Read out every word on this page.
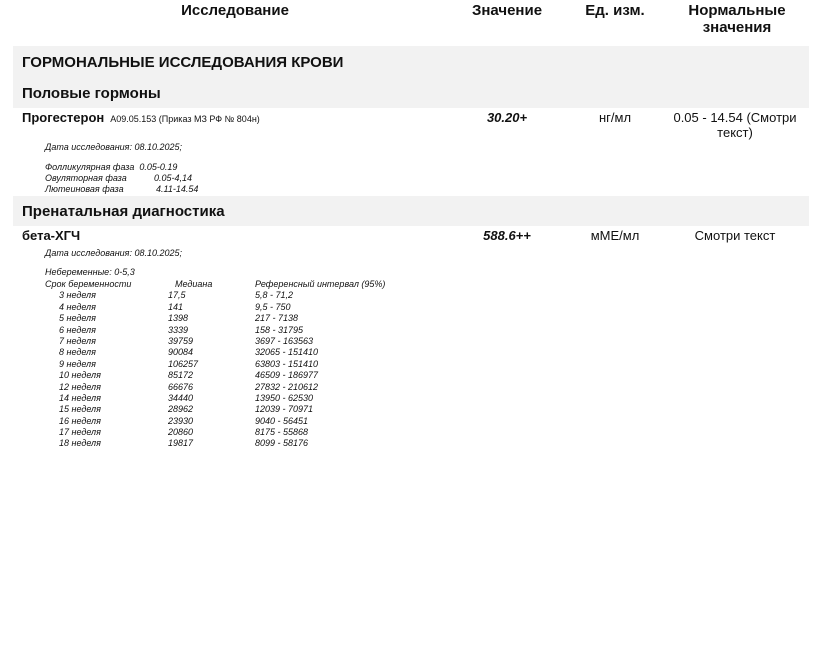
Исследование	Значение	Ед. изм.	Нормальные значения
ГОРМОНАЛЬНЫЕ ИССЛЕДОВАНИЯ КРОВИ
Половые гормоны
Прогестерон A09.05.153 (Приказ МЗ РФ № 804н)	30.20+	нг/мл	0.05 - 14.54 (Смотри текст)
Дата исследования: 08.10.2025;
Фолликулярная фаза 0.05-0.19
Овуляторная фаза	0.05-4,14
Лютеиновая фаза	4.11-14.54
Пренатальная диагностика
бета-ХГЧ	588.6++	мМЕ/мл	Смотри текст
Дата исследования: 08.10.2025;
Небеременные: 0-5,3
Срок беременности	Медиана	Референсный интервал (95%)
3 неделя	17,5	5,8 - 71,2
4 неделя	141	9,5 - 750
5 неделя	1398	217 - 7138
6 неделя	3339	158 - 31795
7 неделя	39759	3697 - 163563
8 неделя	90084	32065 - 151410
9 неделя	106257	63803 - 151410
10 неделя	85172	46509 - 186977
12 неделя	66676	27832 - 210612
14 неделя	34440	13950 - 62530
15 неделя	28962	12039 - 70971
16 неделя	23930	9040 - 56451
17 неделя	20860	8175 - 55868
18 неделя	19817	8099 - 58176
